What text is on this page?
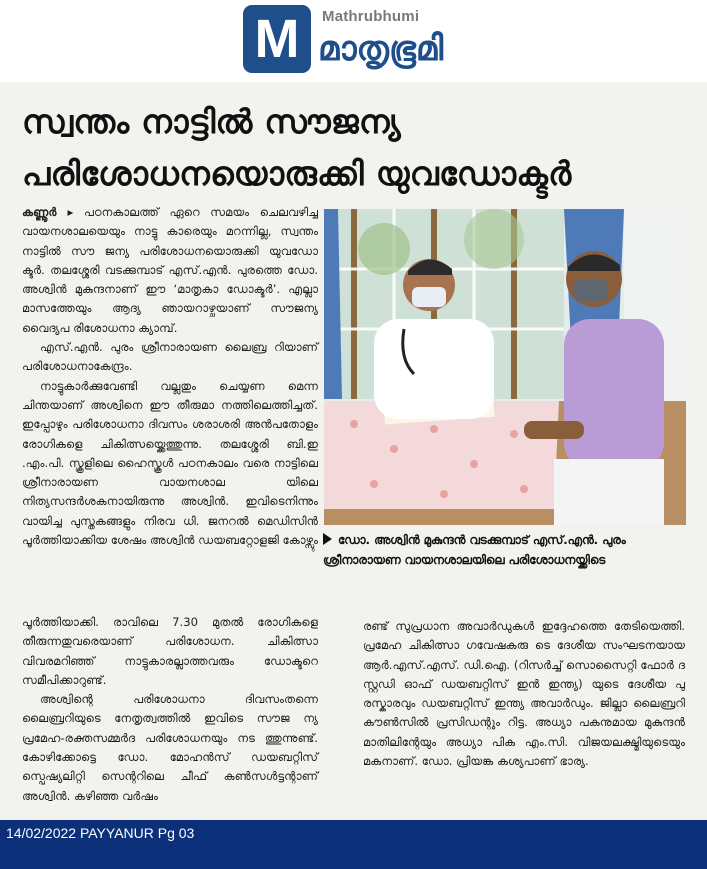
M	Mathrubhumi
മാതൃഭൂമി
സ്വന്തം നാട്ടിൽ സൗജന്യ
പരിശോധനയൊരുക്കി യുവഡോക്ടർ

കണ്ണൂർ ▸ പഠനകാലത്ത് ഏറെ സമയം ചെലവഴിച്ച വായനശാലയെയും നാട്ടു കാരെയും മറന്നില്ല, സ്വന്തം നാട്ടിൽ സൗ ജന്യ പരിശോധനയൊരുക്കി യുവഡോ ക്ടർ. തലശ്ശേരി വടക്കുമ്പാട് എസ്.എൻ. പുരത്തെ ഡോ. അശ്വിൻ മുകുന്ദനാണ് ഈ ‘മാതൃകാ ഡോക്ടർ’. എല്ലാ മാസത്തേയും ആദ്യ ഞായറാഴ്ചയാണ് സൗജന്യ വൈദ്യപ രിശോധനാ ക്യാമ്പ്.

എസ്.എൻ. പുരം ശ്രീനാരായണ ലൈബ്ര റിയാണ് പരിശോധനാകേന്ദ്രം.

നാട്ടുകാർക്കുവേണ്ടി വല്ലതും ചെയ്യണ മെന്ന ചിന്തയാണ് അശ്വിനെ ഈ തീരുമാ നത്തിലെത്തിച്ചത്. ഇപ്പോഴും പരിശോധനാ ദിവസം ശരാശരി അൻപതോളം രോഗികളെ ചികിത്സയ്ക്കെത്തുന്നു. തലശ്ശേരി ബി.ഇ .എം.പി. സ്കൂളിലെ ഹൈസ്കൂൾ പഠനകാലം വരെ നാട്ടിലെ ശ്രീനാരായണ വായനശാല യിലെ നിത്യസന്ദർശകനായിരുന്നു അശ്വിൻ. ഇവിടെനിന്നും വായിച്ച പുസ്തകങ്ങളും നിരവ ധി. ജനറൽ മെഡിസിൻ പൂർത്തിയാക്കിയ ശേഷം അശ്വിൻ ഡയബറ്റോളജി കോഴ്സും	ഡോ. അശ്വിൻ മുകുന്ദൻ വടക്കുമ്പാട് എസ്.എൻ. പുരം ശ്രീനാരായണ വായനശാലയിലെ പരിശോധനയ്ക്കിടെ

പൂർത്തിയാക്കി. രാവിലെ 7.30 മുതൽ രോഗികളെ തീരുന്നതുവരെയാണ് പരിശോധന. ചികിത്സാ വിവരമറിഞ്ഞ് നാട്ടുകാരല്ലാത്തവരും ഡോക്ടറെ സമീപിക്കാറുണ്ട്.

അശ്വിന്റെ പരിശോധനാ ദിവസംതന്നെ ലൈബ്രറിയുടെ നേതൃത്വത്തിൽ ഇവിടെ സൗജ ന്യ പ്രമേഹ-രക്തസമ്മർദ പരിശോധനയും നട ത്തുന്നുണ്ട്. കോഴിക്കോട്ടെ ഡോ. മോഹൻസ് ഡയബറ്റിസ് സ്പെഷ്യലിറ്റി സെന്ററിലെ ചീഫ് കൺസൾട്ടന്റാണ് അശ്വിൻ. കഴിഞ്ഞ വർഷം

രണ്ട് സുപ്രധാന അവാർഡുകൾ ഇദ്ദേഹത്തെ തേടിയെത്തി. പ്രമേഹ ചികിത്സാ ഗവേഷകരു ടെ ദേശീയ സംഘടനയായ ആർ.എസ്.എസ്. ഡി.ഐ. (റിസർച്ച് സൊസൈറ്റി ഫോർ ദ സ്റ്റഡി ഓഫ് ഡയബറ്റിസ് ഇൻ ഇന്ത്യ) യുടെ ദേശീയ പു രസ്കാരവും ഡയബറ്റിസ് ഇന്ത്യ അവാർഡും. ജില്ലാ ലൈബ്രറി കൗൺസിൽ പ്രസിഡന്റും റിട്ട. അധ്യാ പകനുമായ മുകുന്ദൻ മാതിലിന്റേയും അധ്യാ പിക എം.സി. വിജയലക്ഷ്മിയുടെയും മകനാണ്. ഡോ. പ്രിയങ്ക കശ്യപാണ് ഭാര്യ.

14/02/2022 PAYYANUR Pg 03
